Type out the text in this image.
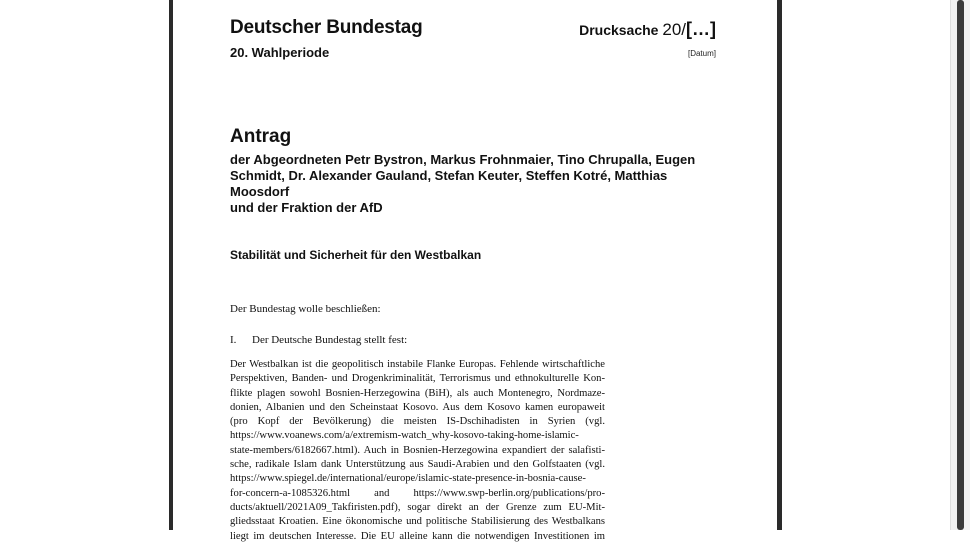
Deutscher Bundestag	Drucksache 20/[…]
20. Wahlperiode	[Datum]
Antrag
der Abgeordneten Petr Bystron, Markus Frohnmaier, Tino Chrupalla, Eugen
Schmidt, Dr. Alexander Gauland, Stefan Keuter, Steffen Kotré, Matthias Moosdorf
und der Fraktion der AfD
Stabilität und Sicherheit für den Westbalkan
Der Bundestag wolle beschließen:
I. Der Deutsche Bundestag stellt fest:
Der Westbalkan ist die geopolitisch instabile Flanke Europas. Fehlende wirtschaftliche
Perspektiven, Banden- und Drogenkriminalität, Terrorismus und ethnokulturelle Kon-
flikte plagen sowohl Bosnien-Herzegowina (BiH), als auch Montenegro, Nordmaze-
donien, Albanien und den Scheinstaat Kosovo. Aus dem Kosovo kamen europaweit
(pro Kopf der Bevölkerung) die meisten IS-Dschihadisten in Syrien (vgl.
https://www.voanews.com/a/extremism-watch_why-kosovo-taking-home-islamic-
state-members/6182667.html). Auch in Bosnien-Herzegowina expandiert der salafisti-
sche, radikale Islam dank Unterstützung aus Saudi-Arabien und den Golfstaaten (vgl.
https://www.spiegel.de/international/europe/islamic-state-presence-in-bosnia-cause-
for-concern-a-1085326.html and https://www.swp-berlin.org/publications/pro-
ducts/aktuell/2021A09_Takfiristen.pdf), sogar direkt an der Grenze zum EU-Mit-
gliedsstaat Kroatien. Eine ökonomische und politische Stabilisierung des Westbalkans
liegt im deutschen Interesse. Die EU alleine kann die notwendigen Investitionen im
